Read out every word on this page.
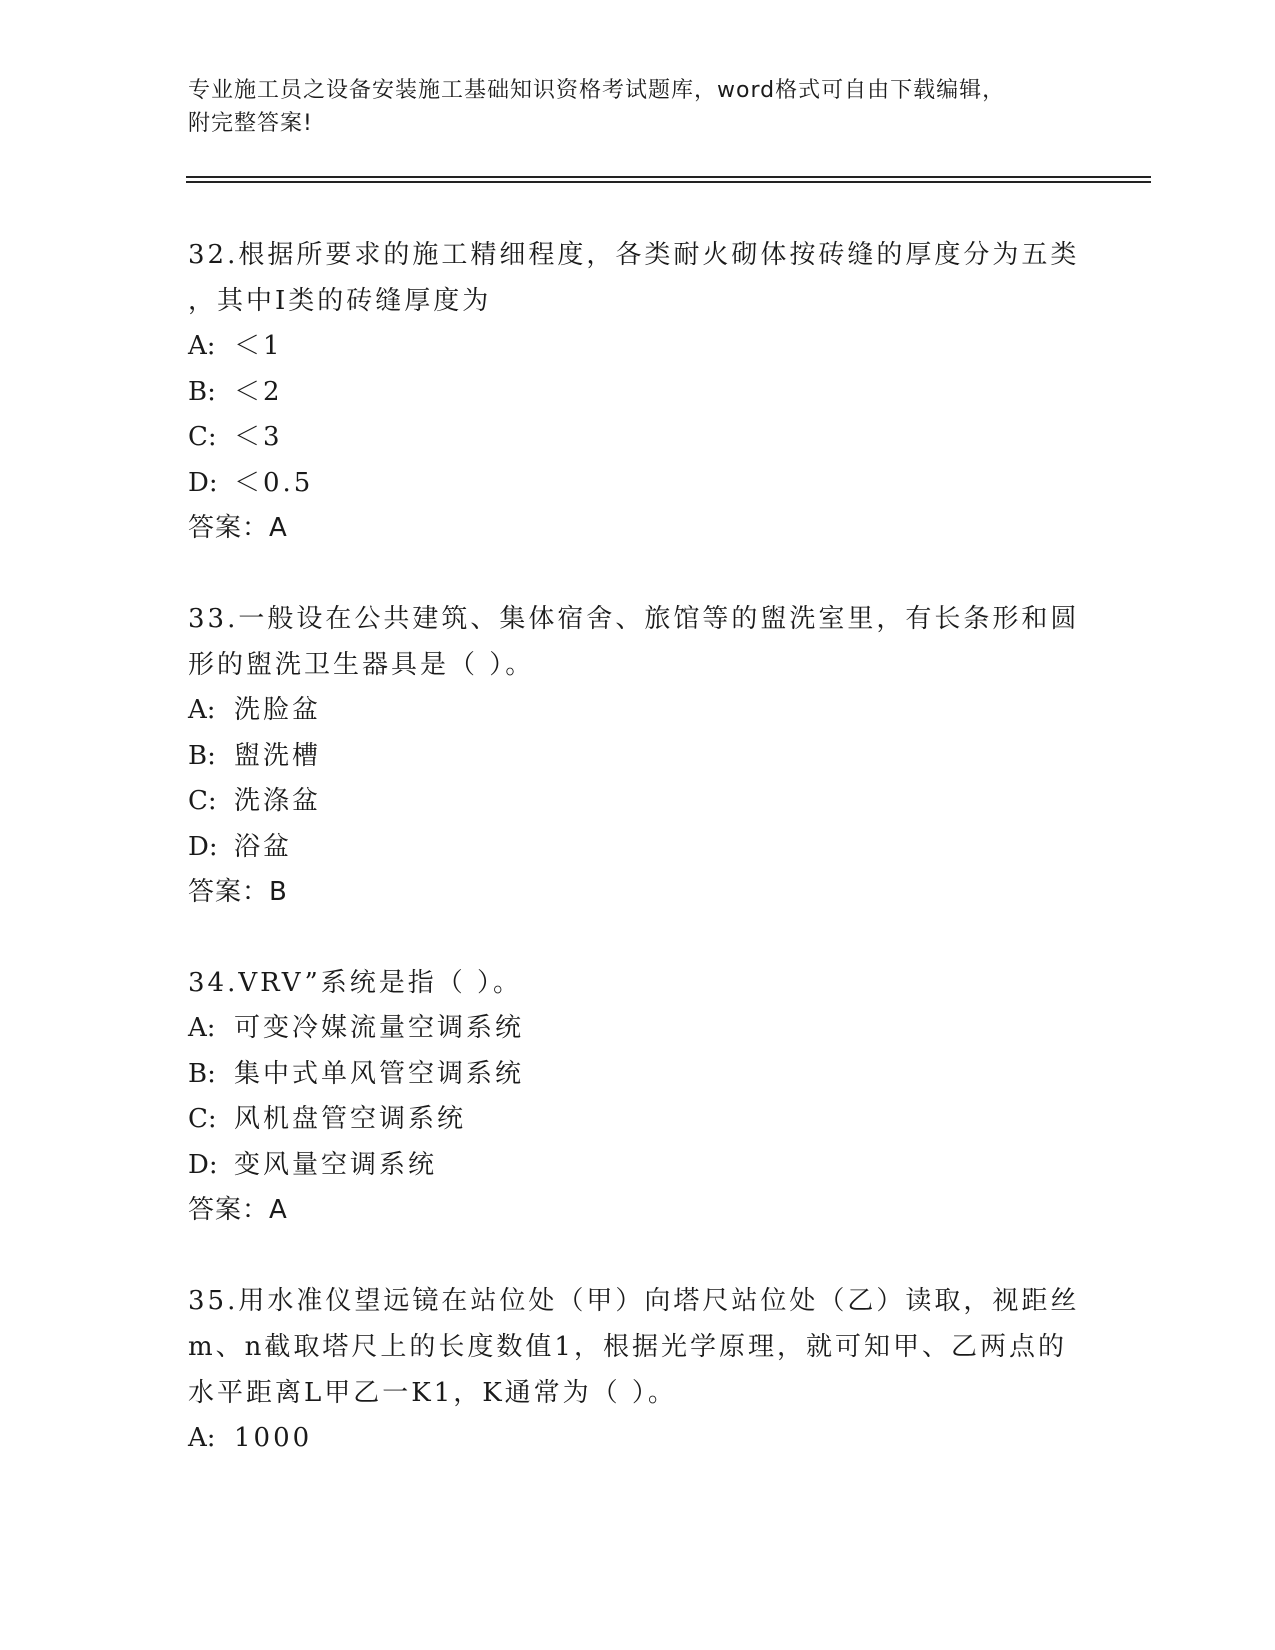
专业施工员之设备安装施工基础知识资格考试题库，word格式可自由下载编辑，
附完整答案!

32.根据所要求的施工精细程度，各类耐火砌体按砖缝的厚度分为五类

，其中Ⅰ类的砖缝厚度为

A: ＜1

B: ＜2

C: ＜3

D: ＜0.5

答案：A

33.一般设在公共建筑、集体宿舍、旅馆等的盥洗室里，有长条形和圆

形的盥洗卫生器具是（ ）。

A: 洗脸盆

B: 盥洗槽

C: 洗涤盆

D: 浴盆

答案：B

34.VRV”系统是指（ ）。

A: 可变冷媒流量空调系统

B: 集中式单风管空调系统

C: 风机盘管空调系统

D: 变风量空调系统

答案：A

35.用水准仪望远镜在站位处（甲）向塔尺站位处（乙）读取，视距丝

m、n截取塔尺上的长度数值1，根据光学原理，就可知甲、乙两点的

水平距离L甲乙一K1，K通常为（ ）。

A: 1000
